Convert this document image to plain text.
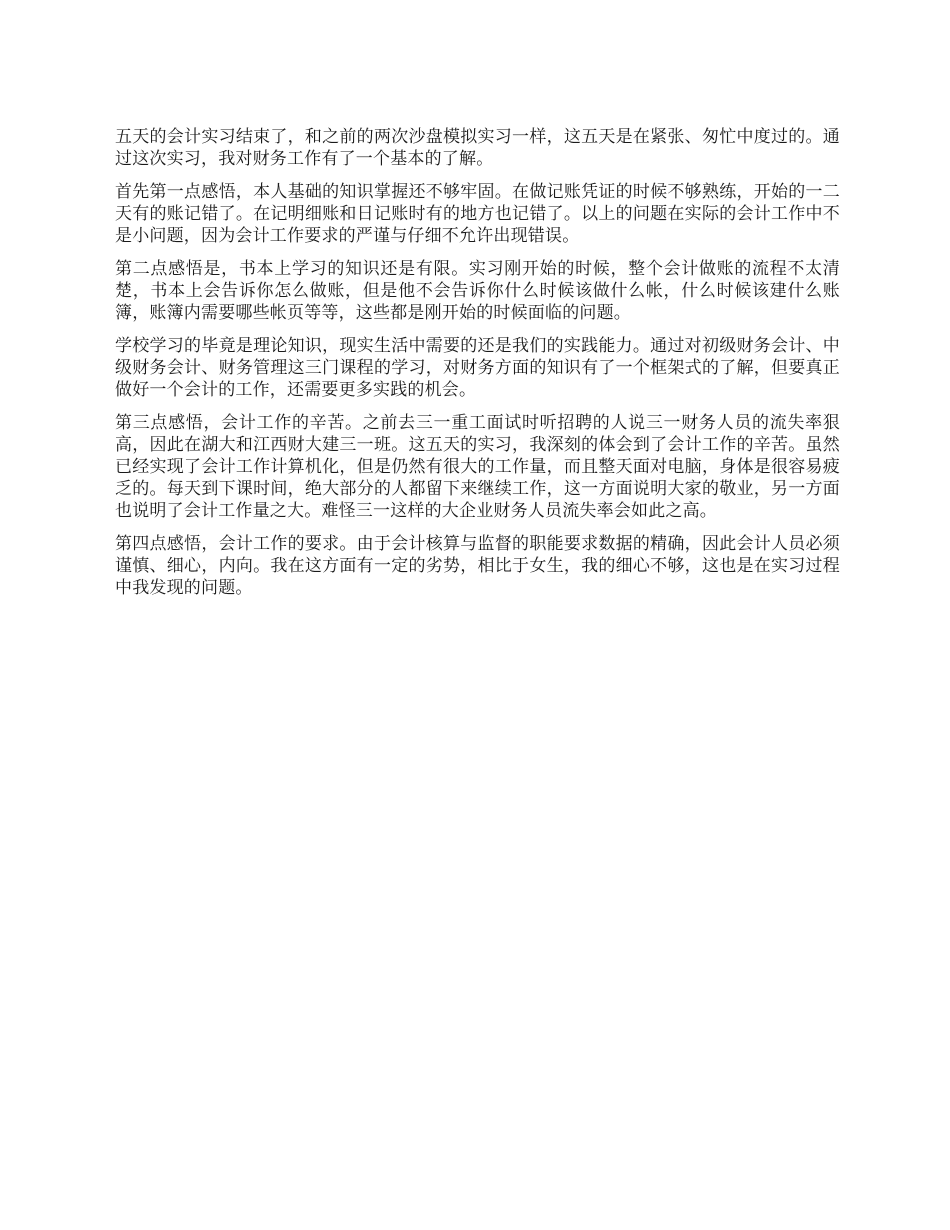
五天的会计实习结束了，和之前的两次沙盘模拟实习一样，这五天是在紧张、匆忙中度过的。通过这次实习，我对财务工作有了一个基本的了解。

首先第一点感悟，本人基础的知识掌握还不够牢固。在做记账凭证的时候不够熟练，开始的一二天有的账记错了。在记明细账和日记账时有的地方也记错了。以上的问题在实际的会计工作中不是小问题，因为会计工作要求的严谨与仔细不允许出现错误。

第二点感悟是，书本上学习的知识还是有限。实习刚开始的时候，整个会计做账的流程不太清楚，书本上会告诉你怎么做账，但是他不会告诉你什么时候该做什么帐，什么时候该建什么账簿，账簿内需要哪些帐页等等，这些都是刚开始的时候面临的问题。

学校学习的毕竟是理论知识，现实生活中需要的还是我们的实践能力。通过对初级财务会计、中级财务会计、财务管理这三门课程的学习，对财务方面的知识有了一个框架式的了解，但要真正做好一个会计的工作，还需要更多实践的机会。

第三点感悟，会计工作的辛苦。之前去三一重工面试时听招聘的人说三一财务人员的流失率狠高，因此在湖大和江西财大建三一班。这五天的实习，我深刻的体会到了会计工作的辛苦。虽然已经实现了会计工作计算机化，但是仍然有很大的工作量，而且整天面对电脑，身体是很容易疲乏的。每天到下课时间，绝大部分的人都留下来继续工作，这一方面说明大家的敬业，另一方面也说明了会计工作量之大。难怪三一这样的大企业财务人员流失率会如此之高。

第四点感悟，会计工作的要求。由于会计核算与监督的职能要求数据的精确，因此会计人员必须谨慎、细心，内向。我在这方面有一定的劣势，相比于女生，我的细心不够，这也是在实习过程中我发现的问题。
